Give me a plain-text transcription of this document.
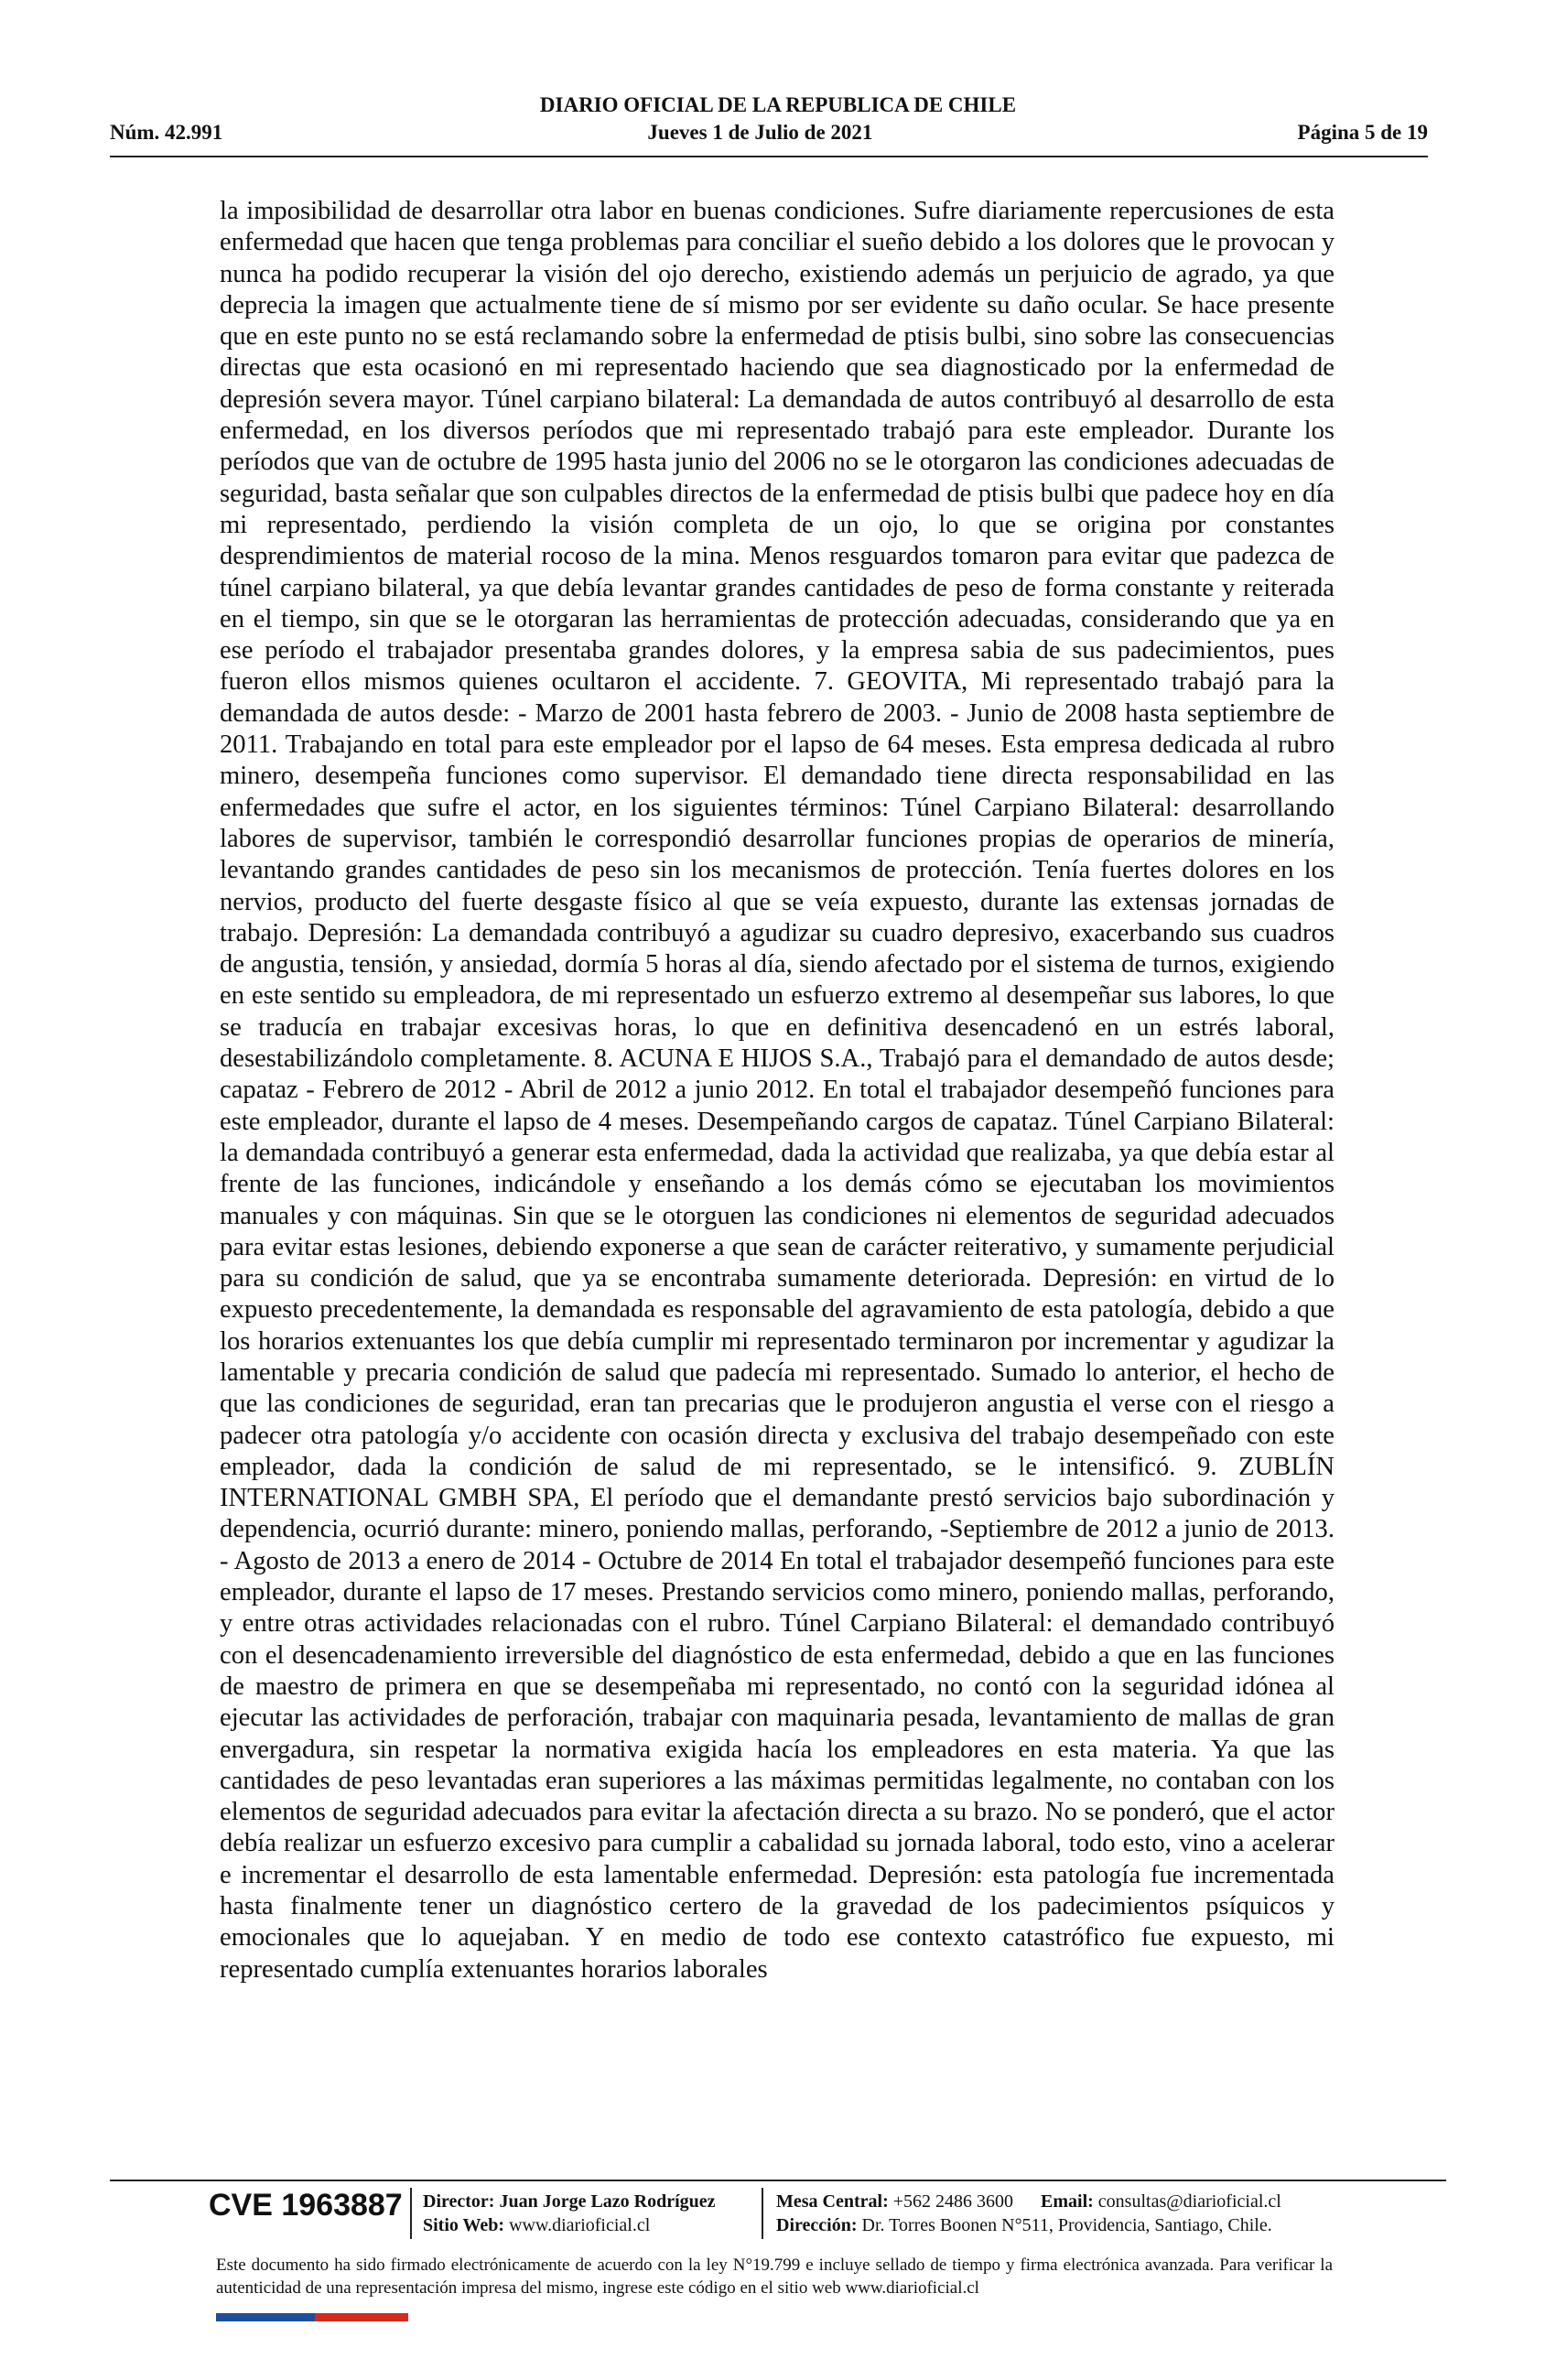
DIARIO OFICIAL DE LA REPUBLICA DE CHILE
Núm. 42.991	Jueves 1 de Julio de 2021	Página 5 de 19

la imposibilidad de desarrollar otra labor en buenas condiciones. Sufre diariamente repercusiones de esta enfermedad que hacen que tenga problemas para conciliar el sueño debido a los dolores que le provocan y nunca ha podido recuperar la visión del ojo derecho, existiendo además un perjuicio de agrado, ya que deprecia la imagen que actualmente tiene de sí mismo por ser evidente su daño ocular. Se hace presente que en este punto no se está reclamando sobre la enfermedad de ptisis bulbi, sino sobre las consecuencias directas que esta ocasionó en mi representado haciendo que sea diagnosticado por la enfermedad de depresión severa mayor. Túnel carpiano bilateral: La demandada de autos contribuyó al desarrollo de esta enfermedad, en los diversos períodos que mi representado trabajó para este empleador. Durante los períodos que van de octubre de 1995 hasta junio del 2006 no se le otorgaron las condiciones adecuadas de seguridad, basta señalar que son culpables directos de la enfermedad de ptisis bulbi que padece hoy en día mi representado, perdiendo la visión completa de un ojo, lo que se origina por constantes desprendimientos de material rocoso de la mina. Menos resguardos tomaron para evitar que padezca de túnel carpiano bilateral, ya que debía levantar grandes cantidades de peso de forma constante y reiterada en el tiempo, sin que se le otorgaran las herramientas de protección adecuadas, considerando que ya en ese período el trabajador presentaba grandes dolores, y la empresa sabia de sus padecimientos, pues fueron ellos mismos quienes ocultaron el accidente. 7. GEOVITA, Mi representado trabajó para la demandada de autos desde: - Marzo de 2001 hasta febrero de 2003. - Junio de 2008 hasta septiembre de 2011. Trabajando en total para este empleador por el lapso de 64 meses. Esta empresa dedicada al rubro minero, desempeña funciones como supervisor. El demandado tiene directa responsabilidad en las enfermedades que sufre el actor, en los siguientes términos: Túnel Carpiano Bilateral: desarrollando labores de supervisor, también le correspondió desarrollar funciones propias de operarios de minería, levantando grandes cantidades de peso sin los mecanismos de protección. Tenía fuertes dolores en los nervios, producto del fuerte desgaste físico al que se veía expuesto, durante las extensas jornadas de trabajo. Depresión: La demandada contribuyó a agudizar su cuadro depresivo, exacerbando sus cuadros de angustia, tensión, y ansiedad, dormía 5 horas al día, siendo afectado por el sistema de turnos, exigiendo en este sentido su empleadora, de mi representado un esfuerzo extremo al desempeñar sus labores, lo que se traducía en trabajar excesivas horas, lo que en definitiva desencadenó en un estrés laboral, desestabilizándolo completamente. 8. ACUNA E HIJOS S.A., Trabajó para el demandado de autos desde; capataz - Febrero de 2012 - Abril de 2012 a junio 2012. En total el trabajador desempeñó funciones para este empleador, durante el lapso de 4 meses. Desempeñando cargos de capataz. Túnel Carpiano Bilateral: la demandada contribuyó a generar esta enfermedad, dada la actividad que realizaba, ya que debía estar al frente de las funciones, indicándole y enseñando a los demás cómo se ejecutaban los movimientos manuales y con máquinas. Sin que se le otorguen las condiciones ni elementos de seguridad adecuados para evitar estas lesiones, debiendo exponerse a que sean de carácter reiterativo, y sumamente perjudicial para su condición de salud, que ya se encontraba sumamente deteriorada. Depresión: en virtud de lo expuesto precedentemente, la demandada es responsable del agravamiento de esta patología, debido a que los horarios extenuantes los que debía cumplir mi representado terminaron por incrementar y agudizar la lamentable y precaria condición de salud que padecía mi representado. Sumado lo anterior, el hecho de que las condiciones de seguridad, eran tan precarias que le produjeron angustia el verse con el riesgo a padecer otra patología y/o accidente con ocasión directa y exclusiva del trabajo desempeñado con este empleador, dada la condición de salud de mi representado, se le intensificó. 9. ZUBLÍN INTERNATIONAL GMBH SPA, El período que el demandante prestó servicios bajo subordinación y dependencia, ocurrió durante: minero, poniendo mallas, perforando, -Septiembre de 2012 a junio de 2013. - Agosto de 2013 a enero de 2014 - Octubre de 2014 En total el trabajador desempeñó funciones para este empleador, durante el lapso de 17 meses. Prestando servicios como minero, poniendo mallas, perforando, y entre otras actividades relacionadas con el rubro. Túnel Carpiano Bilateral: el demandado contribuyó con el desencadenamiento irreversible del diagnóstico de esta enfermedad, debido a que en las funciones de maestro de primera en que se desempeñaba mi representado, no contó con la seguridad idónea al ejecutar las actividades de perforación, trabajar con maquinaria pesada, levantamiento de mallas de gran envergadura, sin respetar la normativa exigida hacía los empleadores en esta materia. Ya que las cantidades de peso levantadas eran superiores a las máximas permitidas legalmente, no contaban con los elementos de seguridad adecuados para evitar la afectación directa a su brazo. No se ponderó, que el actor debía realizar un esfuerzo excesivo para cumplir a cabalidad su jornada laboral, todo esto, vino a acelerar e incrementar el desarrollo de esta lamentable enfermedad. Depresión: esta patología fue incrementada hasta finalmente tener un diagnóstico certero de la gravedad de los padecimientos psíquicos y emocionales que lo aquejaban. Y en medio de todo ese contexto catastrófico fue expuesto, mi representado cumplía extenuantes horarios laborales

CVE 1963887 Director: Juan Jorge Lazo Rodríguez
Sitio Web: www.diarioficial.cl
Mesa Central: +562 2486 3600 Email: consultas@diarioficial.cl
Dirección: Dr. Torres Boonen N°511, Providencia, Santiago, Chile.
Este documento ha sido firmado electrónicamente de acuerdo con la ley N°19.799 e incluye sellado de tiempo y firma electrónica avanzada. Para verificar la autenticidad de una representación impresa del mismo, ingrese este código en el sitio web www.diarioficial.cl
